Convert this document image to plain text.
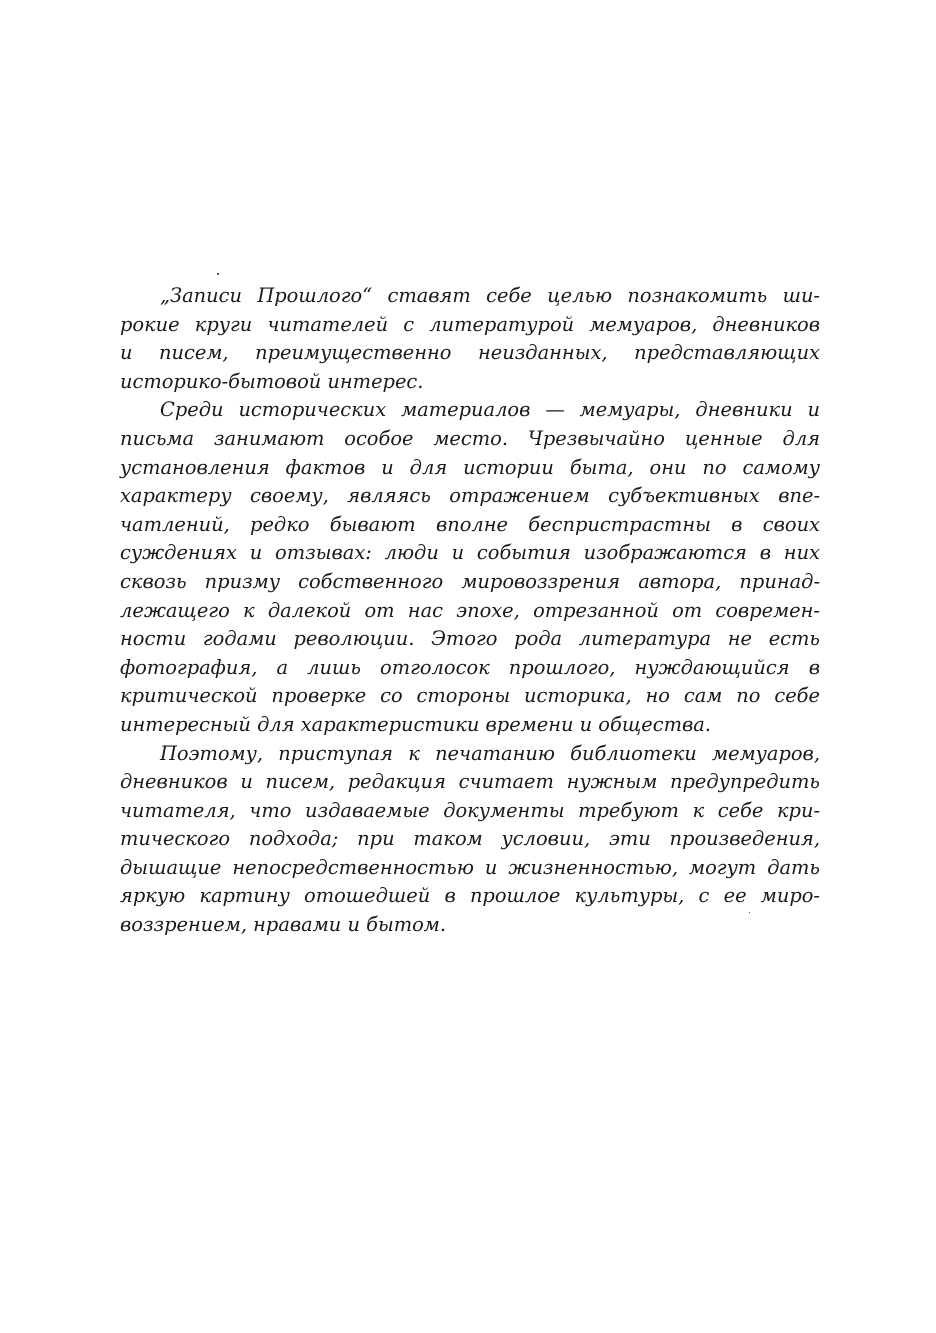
„Записи Прошлого“ ставят себе целью познакомить ши-
рокие круги читателей с литературой мемуаров, дневников
и писем, преимущественно неизданных, представляющих
историко-бытовой интерес.
Среди исторических материалов — мемуары, дневники и
письма занимают особое место. Чрезвычайно ценные для
установления фактов и для истории быта, они по самому
характеру своему, являясь отражением субъективных впе-
чатлений, редко бывают вполне беспристрастны в своих
суждениях и отзывах: люди и события изображаются в них
сквозь призму собственного мировоззрения автора, принад-
лежащего к далекой от нас эпохе, отрезанной от современ-
ности годами революции. Этого рода литература не есть
фотография, а лишь отголосок прошлого, нуждающийся в
критической проверке со стороны историка, но сам по себе
интересный для характеристики времени и общества.
Поэтому, приступая к печатанию библиотеки мемуаров,
дневников и писем, редакция считает нужным предупредить
читателя, что издаваемые документы требуют к себе кри-
тического подхода; при таком условии, эти произведения,
дышащие непосредственностью и жизненностью, могут дать
яркую картину отошедшей в прошлое культуры, с ее миро-
воззрением, нравами и бытом.
